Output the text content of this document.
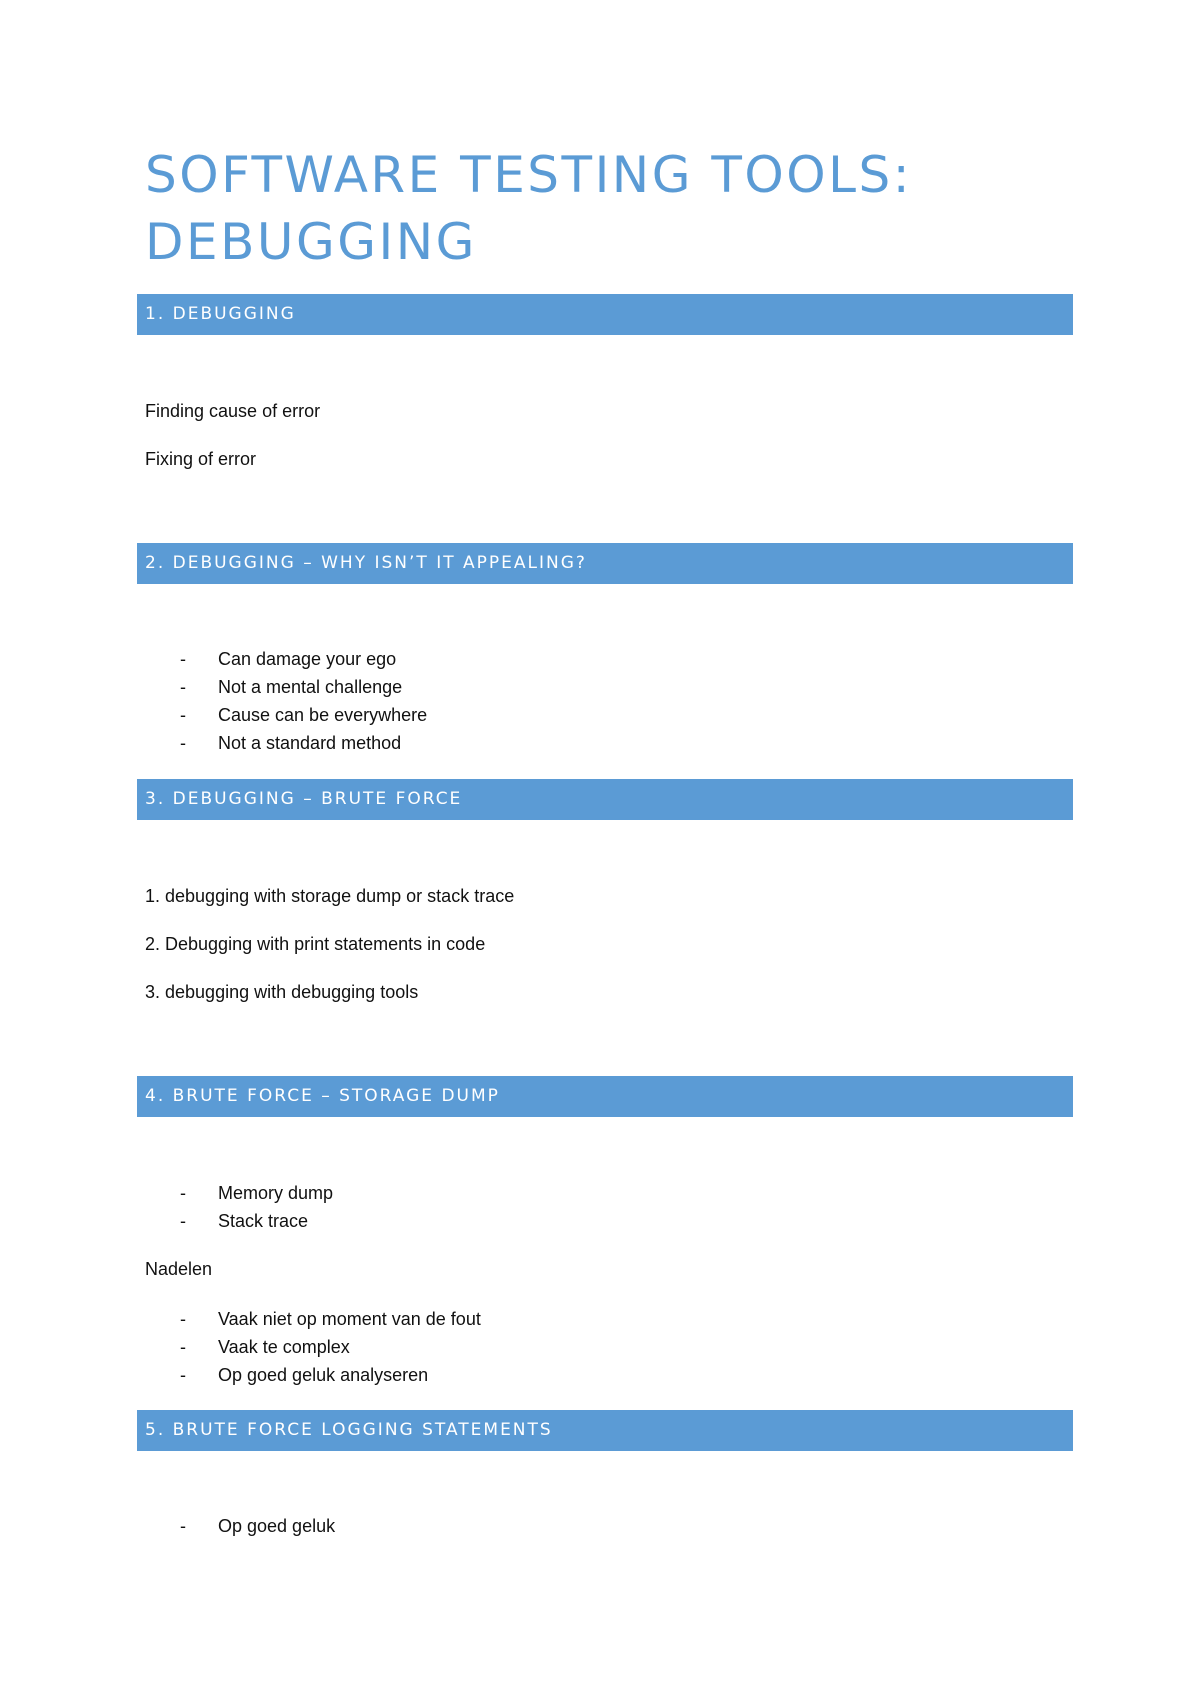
SOFTWARE TESTING TOOLS:
DEBUGGING
1. DEBUGGING

Finding cause of error

Fixing of error

2. DEBUGGING – WHY ISN’T IT APPEALING?
- Can damage your ego
- Not a mental challenge
- Cause can be everywhere
- Not a standard method
3. DEBUGGING – BRUTE FORCE

1. debugging with storage dump or stack trace

2. Debugging with print statements in code

3. debugging with debugging tools

4. BRUTE FORCE – STORAGE DUMP
- Memory dump
- Stack trace

Nadelen

- Vaak niet op moment van de fout
- Vaak te complex
- Op goed geluk analyseren
5. BRUTE FORCE LOGGING STATEMENTS
- Op goed geluk
